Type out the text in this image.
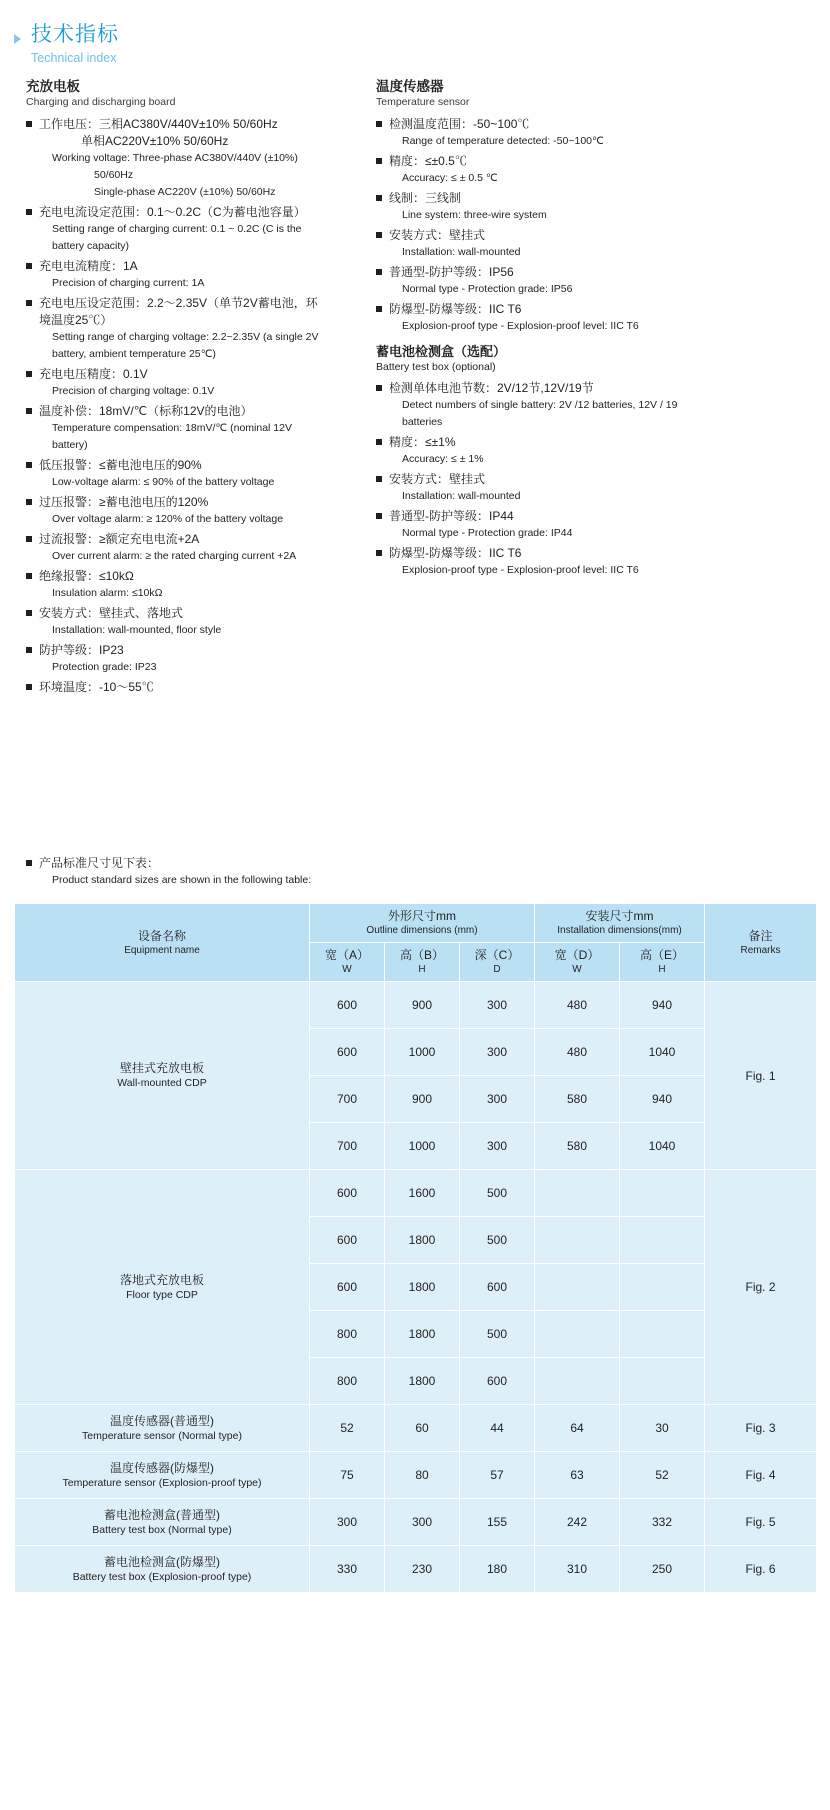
技术指标
Technical index
充放电板
Charging and discharging board
工作电压：三相AC380V/440V±10% 50/60Hz
单相AC220V±10% 50/60Hz
Working voltage: Three-phase AC380V/440V (±10%)
50/60Hz
Single-phase AC220V (±10%) 50/60Hz
充电电流设定范围：0.1～0.2C（C为蓄电池容量）
Setting range of charging current: 0.1 ~ 0.2C (C is the
battery capacity)
充电电流精度：1A
Precision of charging current: 1A
充电电压设定范围：2.2～2.35V（单节2V蓄电池，环
境温度25℃）
Setting range of charging voltage: 2.2~2.35V (a single 2V
battery, ambient temperature 25℃)
充电电压精度：0.1V
Precision of charging voltage: 0.1V
温度补偿：18mV/℃（标称12V的电池）
Temperature compensation: 18mV/℃ (nominal 12V
battery)
低压报警：≤蓄电池电压的90%
Low-voltage alarm: ≤ 90% of the battery voltage
过压报警：≥蓄电池电压的120%
Over voltage alarm: ≥ 120% of the battery voltage
过流报警：≥额定充电电流+2A
Over current alarm: ≥ the rated charging current +2A
绝缘报警：≤10kΩ
Insulation alarm: ≤10kΩ
安装方式：壁挂式、落地式
Installation: wall-mounted, floor style
防护等级：IP23
Protection grade: IP23
环境温度：-10～55℃
温度传感器
Temperature sensor
检测温度范围：-50~100℃
Range of temperature detected: -50~100℃
精度：≤±0.5℃
Accuracy: ≤ ± 0.5 ℃
线制：三线制
Line system: three-wire system
安装方式：壁挂式
Installation: wall-mounted
普通型-防护等级：IP56
Normal type - Protection grade: IP56
防爆型-防爆等级：IIC T6
Explosion-proof type - Explosion-proof level: IIC T6
蓄电池检测盒（选配）
Battery test box (optional)
检测单体电池节数：2V/12节,12V/19节
Detect numbers of single battery: 2V /12 batteries, 12V / 19
batteries
精度：≤±1%
Accuracy: ≤ ± 1%
安装方式：壁挂式
Installation: wall-mounted
普通型-防护等级：IP44
Normal type - Protection grade: IP44
防爆型-防爆等级：IIC T6
Explosion-proof type - Explosion-proof level: IIC T6
产品标准尺寸见下表：
Product standard sizes are shown in the following table:
设备名称
Equipment name

外形尺寸mm
Outline dimensions (mm)

安装尺寸mm
Installation dimensions(mm)	备注
Remarks

宽（A）
W

高（B）
H

深（C）
D

宽（D）
W

高（E）
H

壁挂式充放电板
Wall-mounted CDP	600	900	300	480	940	Fig. 1
	600	1000	300	480	1040	
	700	900	300	580	940	
	700	1000	300	580	1040	

落地式充放电板
Floor type CDP	600	1600	500			Fig. 2
	600	1800	500			
	600	1800	600			
	800	1800	500			
	800	1800	600			

温度传感器(普通型)
Temperature sensor (Normal type)	52	60	44	64	30	Fig. 3

温度传感器(防爆型)
Temperature sensor (Explosion-proof type)	75	80	57	63	52	Fig. 4

蓄电池检测盒(普通型)
Battery test box (Normal type)	300	300	155	242	332	Fig. 5

蓄电池检测盒(防爆型)
Battery test box (Explosion-proof type)	330	230	180	310	250	Fig. 6
